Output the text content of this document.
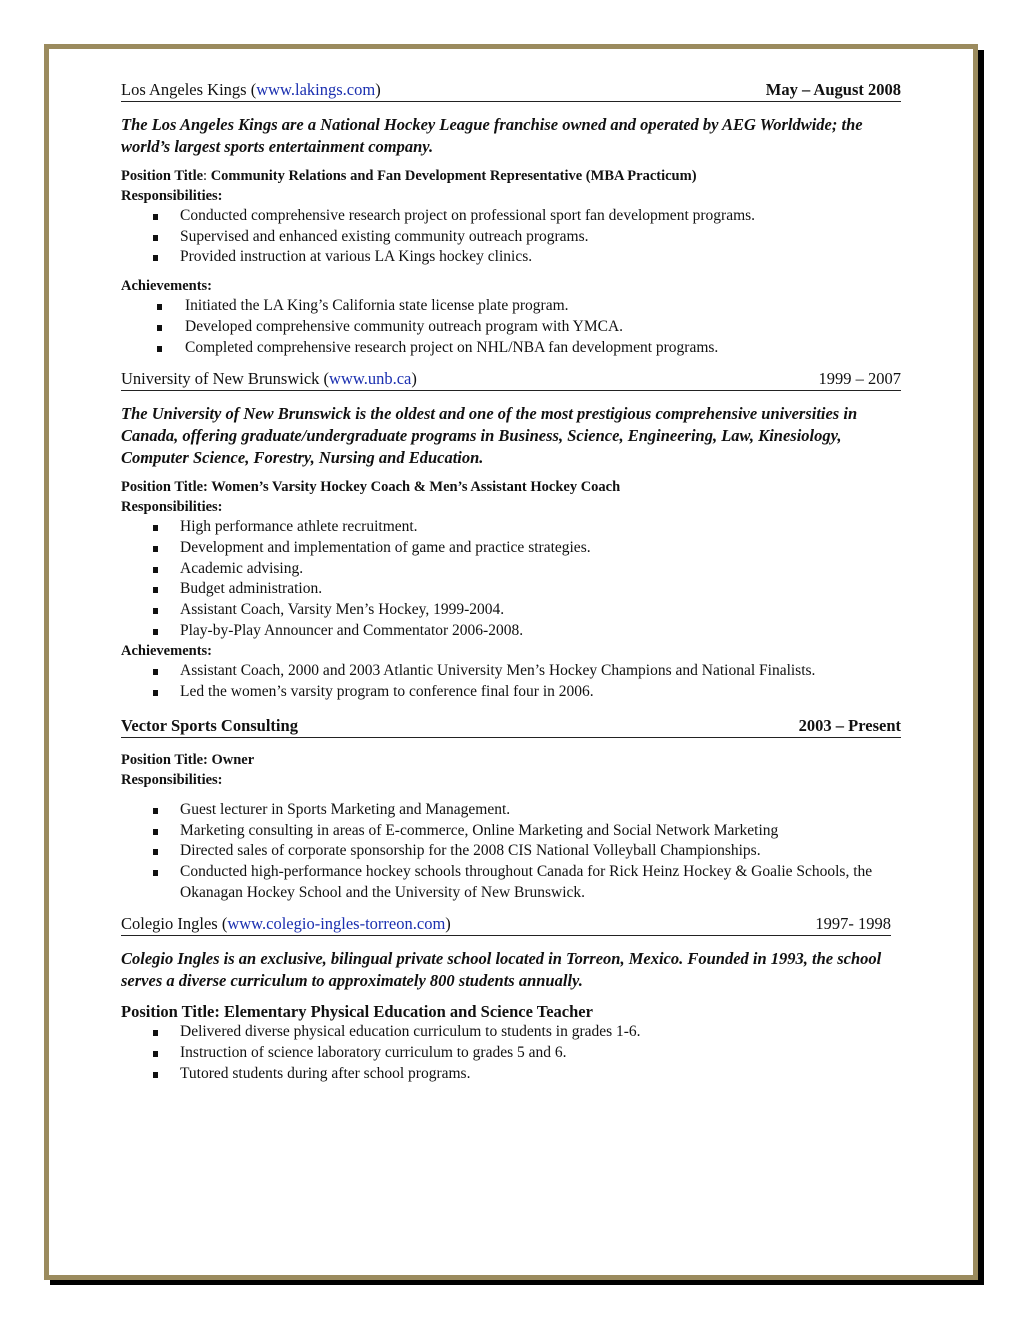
Los Angeles Kings (www.lakings.com)	May – August 2008
The Los Angeles Kings are a National Hockey League franchise owned and operated by AEG Worldwide; the world’s largest sports entertainment company.
Position Title: Community Relations and Fan Development Representative (MBA Practicum)
Responsibilities:
Conducted comprehensive research project on professional sport fan development programs.
Supervised and enhanced existing community outreach programs.
Provided instruction at various LA Kings hockey clinics.
Achievements:
Initiated the LA King’s California state license plate program.
Developed comprehensive community outreach program with YMCA.
Completed comprehensive research project on NHL/NBA fan development programs.
University of New Brunswick (www.unb.ca)	1999 – 2007
The University of New Brunswick is the oldest and one of the most prestigious comprehensive universities in Canada, offering graduate/undergraduate programs in Business, Science, Engineering, Law, Kinesiology, Computer Science, Forestry, Nursing and Education.
Position Title: Women’s Varsity Hockey Coach & Men’s Assistant Hockey Coach
Responsibilities:
High performance athlete recruitment.
Development and implementation of game and practice strategies.
Academic advising.
Budget administration.
Assistant Coach, Varsity Men’s Hockey, 1999-2004.
Play-by-Play Announcer and Commentator 2006-2008.
Achievements:
Assistant Coach, 2000 and 2003 Atlantic University Men’s Hockey Champions and National Finalists.
Led the women’s varsity program to conference final four in 2006.
Vector Sports Consulting	2003 – Present
Position Title: Owner
Responsibilities:
Guest lecturer in Sports Marketing and Management.
Marketing consulting in areas of E-commerce, Online Marketing and Social Network Marketing
Directed sales of corporate sponsorship for the 2008 CIS National Volleyball Championships.
Conducted high-performance hockey schools throughout Canada for Rick Heinz Hockey & Goalie Schools, the Okanagan Hockey School and the University of New Brunswick.
Colegio Ingles (www.colegio-ingles-torreon.com)	1997- 1998
Colegio Ingles is an exclusive, bilingual private school located in Torreon, Mexico. Founded in 1993, the school serves a diverse curriculum to approximately 800 students annually.
Position Title: Elementary Physical Education and Science Teacher
Delivered diverse physical education curriculum to students in grades 1-6.
Instruction of science laboratory curriculum to grades 5 and 6.
Tutored students during after school programs.
